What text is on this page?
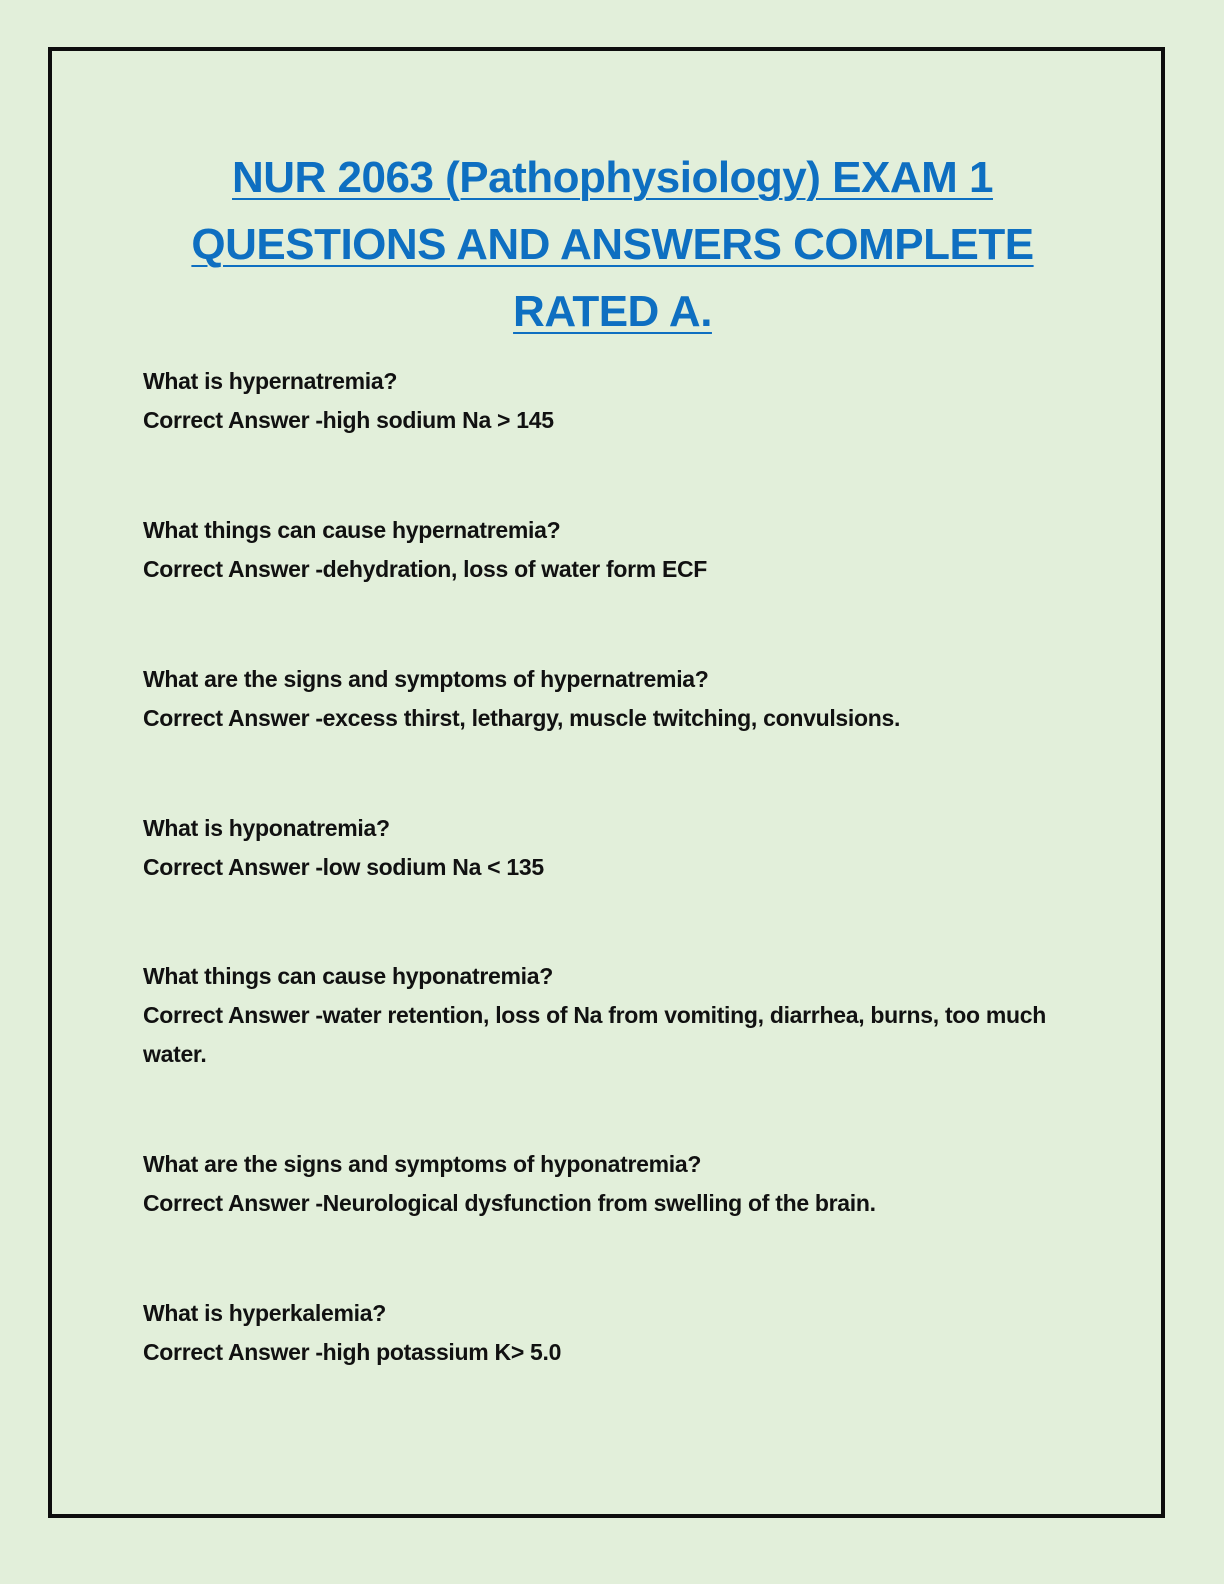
NUR 2063 (Pathophysiology) EXAM 1
QUESTIONS AND ANSWERS COMPLETE
RATED A.
What is hypernatremia?
Correct Answer -high sodium Na > 145
What things can cause hypernatremia?
Correct Answer -dehydration, loss of water form ECF
What are the signs and symptoms of hypernatremia?
Correct Answer -excess thirst, lethargy, muscle twitching, convulsions.
What is hyponatremia?
Correct Answer -low sodium Na < 135
What things can cause hyponatremia?
Correct Answer -water retention, loss of Na from vomiting, diarrhea, burns, too much water.
What are the signs and symptoms of hyponatremia?
Correct Answer -Neurological dysfunction from swelling of the brain.
What is hyperkalemia?
Correct Answer -high potassium K> 5.0
